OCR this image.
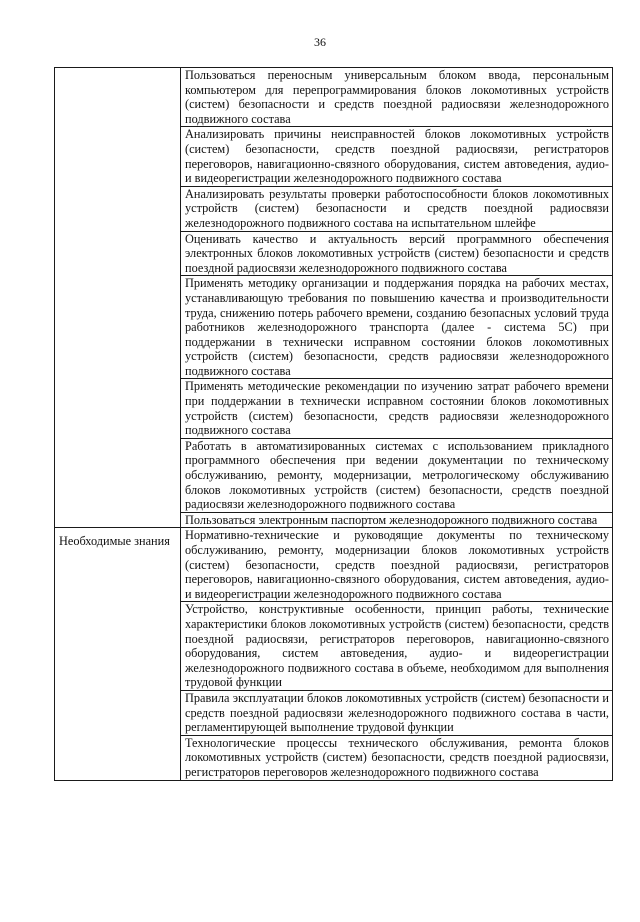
36
	Пользоваться переносным универсальным блоком ввода, персональным компьютером для перепрограммирования блоков локомотивных устройств (систем) безопасности и средств поездной радиосвязи железнодорожного подвижного состава
	Анализировать причины неисправностей блоков локомотивных устройств (систем) безопасности, средств поездной радиосвязи, регистраторов переговоров, навигационно-связного оборудования, систем автоведения, аудио- и видеорегистрации железнодорожного подвижного состава
	Анализировать результаты проверки работоспособности блоков локомотивных устройств (систем) безопасности и средств поездной радиосвязи железнодорожного подвижного состава на испытательном шлейфе
	Оценивать качество и актуальность версий программного обеспечения электронных блоков локомотивных устройств (систем) безопасности и средств поездной радиосвязи железнодорожного подвижного состава
	Применять методику организации и поддержания порядка на рабочих местах, устанавливающую требования по повышению качества и производительности труда, снижению потерь рабочего времени, созданию безопасных условий труда работников железнодорожного транспорта (далее - система 5С) при поддержании в технически исправном состоянии блоков локомотивных устройств (систем) безопасности, средств радиосвязи железнодорожного подвижного состава
	Применять методические рекомендации по изучению затрат рабочего времени при поддержании в технически исправном состоянии блоков локомотивных устройств (систем) безопасности, средств радиосвязи железнодорожного подвижного состава
	Работать в автоматизированных системах с использованием прикладного программного обеспечения при ведении документации по техническому обслуживанию, ремонту, модернизации, метрологическому обслуживанию блоков локомотивных устройств (систем) безопасности, средств поездной радиосвязи железнодорожного подвижного состава
	Пользоваться электронным паспортом железнодорожного подвижного состава
Необходимые знания	Нормативно-технические и руководящие документы по техническому обслуживанию, ремонту, модернизации блоков локомотивных устройств (систем) безопасности, средств поездной радиосвязи, регистраторов переговоров, навигационно-связного оборудования, систем автоведения, аудио- и видеорегистрации железнодорожного подвижного состава
	Устройство, конструктивные особенности, принцип работы, технические характеристики блоков локомотивных устройств (систем) безопасности, средств поездной радиосвязи, регистраторов переговоров, навигационно-связного оборудования, систем автоведения, аудио- и видеорегистрации железнодорожного подвижного состава в объеме, необходимом для выполнения трудовой функции
	Правила эксплуатации блоков локомотивных устройств (систем) безопасности и средств поездной радиосвязи железнодорожного подвижного состава в части, регламентирующей выполнение трудовой функции
	Технологические процессы технического обслуживания, ремонта блоков локомотивных устройств (систем) безопасности, средств поездной радиосвязи, регистраторов переговоров железнодорожного подвижного состава
